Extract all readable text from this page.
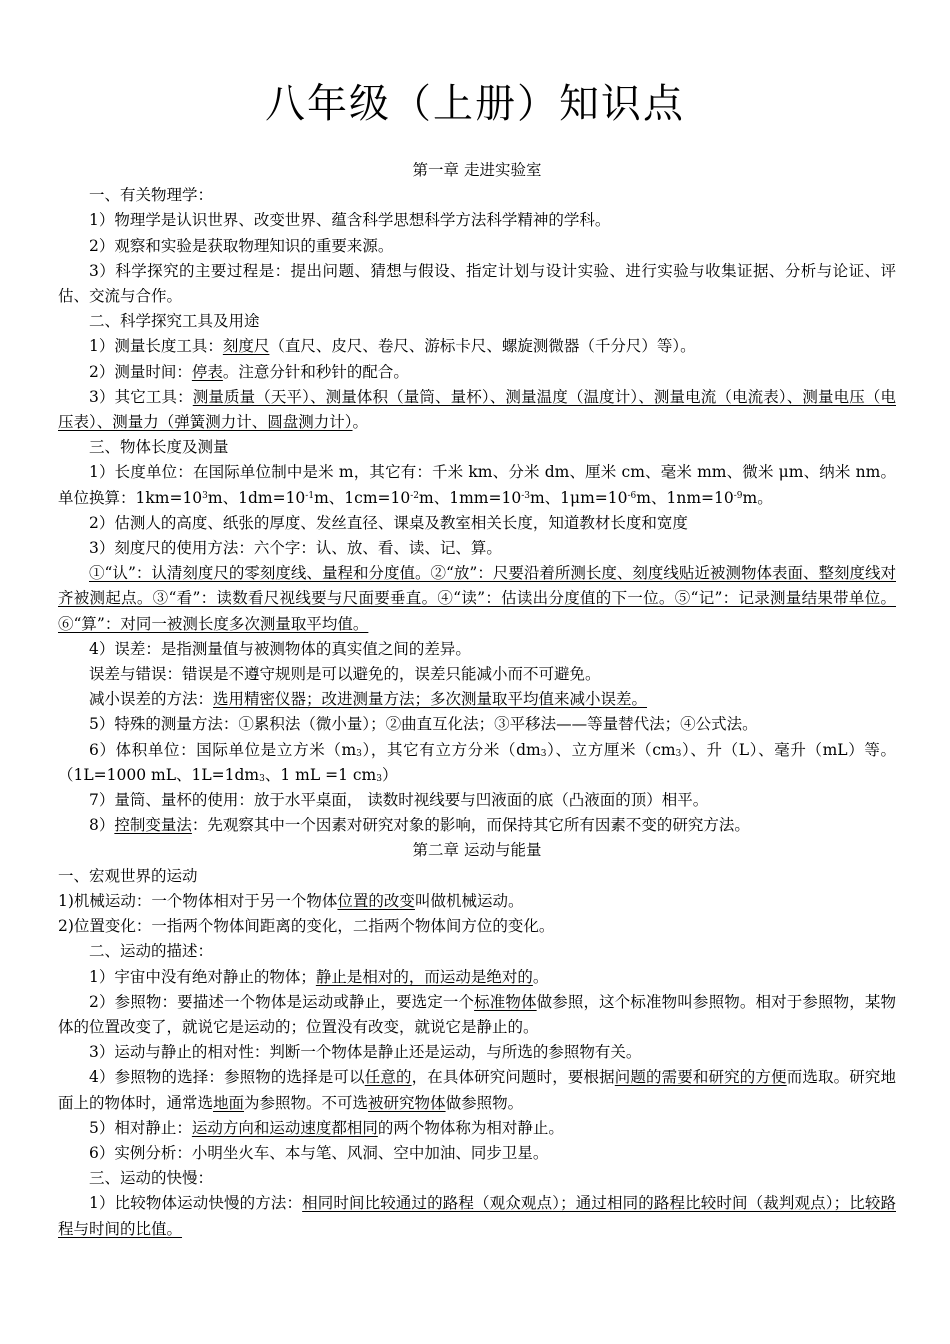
八年级（上册）知识点
第一章 走进实验室
一、有关物理学：
1）物理学是认识世界、改变世界、蕴含科学思想科学方法科学精神的学科。
2）观察和实验是获取物理知识的重要来源。
3）科学探究的主要过程是：提出问题、猜想与假设、指定计划与设计实验、进行实验与收集证据、分析与论证、评估、交流与合作。
二、科学探究工具及用途
1）测量长度工具：刻度尺（直尺、皮尺、卷尺、游标卡尺、螺旋测微器（千分尺）等）。
2）测量时间：停表。注意分针和秒针的配合。
3）其它工具：测量质量（天平）、测量体积（量筒、量杯）、测量温度（温度计）、测量电流（电流表）、测量电压（电压表）、测量力（弹簧测力计、圆盘测力计）。
三、物体长度及测量
1）长度单位：在国际单位制中是米 m，其它有：千米 km、分米 dm、厘米 cm、毫米 mm、微米 μm、纳米 nm。单位换算：$1km=10^3m$、$1dm=10^{-1}m$、$1cm=10^{-2}m$、$1mm=10^{-3}m$、$1\mu m=10^{-6}m$、$1nm=10^{-9}m$。
2）估测人的高度、纸张的厚度、发丝直径、课桌及教室相关长度，知道教材长度和宽度
3）刻度尺的使用方法：六个字：认、放、看、读、记、算。
①“认”：认清刻度尺的零刻度线、量程和分度值。②“放”：尺要沿着所测长度、刻度线贴近被测物体表面、整刻度线对齐被测起点。③“看”：读数看尺视线要与尺面要垂直。④“读”：估读出分度值的下一位。⑤“记”：记录测量结果带单位。⑥“算”：对同一被测长度多次测量取平均值。
4）误差：是指测量值与被测物体的真实值之间的差异。
误差与错误：错误是不遵守规则是可以避免的，误差只能减小而不可避免。
减小误差的方法：选用精密仪器；改进测量方法；多次测量取平均值来减小误差。
5）特殊的测量方法：①累积法（微小量）；②曲直互化法；③平移法——等量替代法；④公式法。
6）体积单位：国际单位是立方米$(m_3)$，其它有立方分米$(dm_3)$、立方厘米$(cm_3)$、升（L）、毫升（mL）等。（1L=1000 mL、$1L=1dm_3$、1 mL =1 $cm_3$）
7）量筒、量杯的使用：放于水平桌面， 读数时视线要与凹液面的底（凸液面的顶）相平。
8）控制变量法：先观察其中一个因素对研究对象的影响，而保持其它所有因素不变的研究方法。
第二章 运动与能量
一、宏观世界的运动
1)机械运动：一个物体相对于另一个物体位置的改变叫做机械运动。
2)位置变化：一指两个物体间距离的变化，二指两个物体间方位的变化。
二、运动的描述：
1）宇宙中没有绝对静止的物体；静止是相对的，而运动是绝对的。
2）参照物：要描述一个物体是运动或静止，要选定一个标准物体做参照，这个标准物叫参照物。相对于参照物，某物体的位置改变了，就说它是运动的；位置没有改变，就说它是静止的。
3）运动与静止的相对性：判断一个物体是静止还是运动，与所选的参照物有关。
4）参照物的选择：参照物的选择是可以任意的，在具体研究问题时，要根据问题的需要和研究的方便而选取。研究地面上的物体时，通常选地面为参照物。不可选被研究物体做参照物。
5）相对静止：运动方向和运动速度都相同的两个物体称为相对静止。
6）实例分析：小明坐火车、本与笔、风洞、空中加油、同步卫星。
三、运动的快慢：
1）比较物体运动快慢的方法：相同时间比较通过的路程（观众观点）；通过相同的路程比较时间（裁判观点）；比较路程与时间的比值。
